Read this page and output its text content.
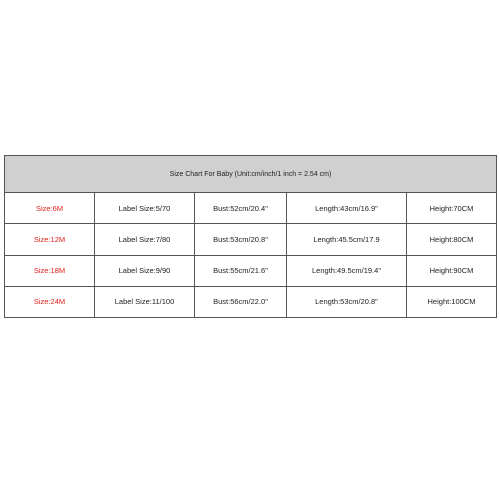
Size Chart For Baby (Unit:cm/inch/1 inch = 2.54 cm)				
Size:6M	Label Size:5/70	Bust:52cm/20.4"	Length:43cm/16.9"	Height:70CM
Size:12M	Label Size:7/80	Bust:53cm/20.8"	Length:45.5cm/17.9	Height:80CM
Size:18M	Label Size:9/90	Bust:55cm/21.6"	Length:49.5cm/19.4"	Height:90CM
Size:24M	Label Size:11/100	Bust:56cm/22.0"	Length:53cm/20.8"	Height:100CM
